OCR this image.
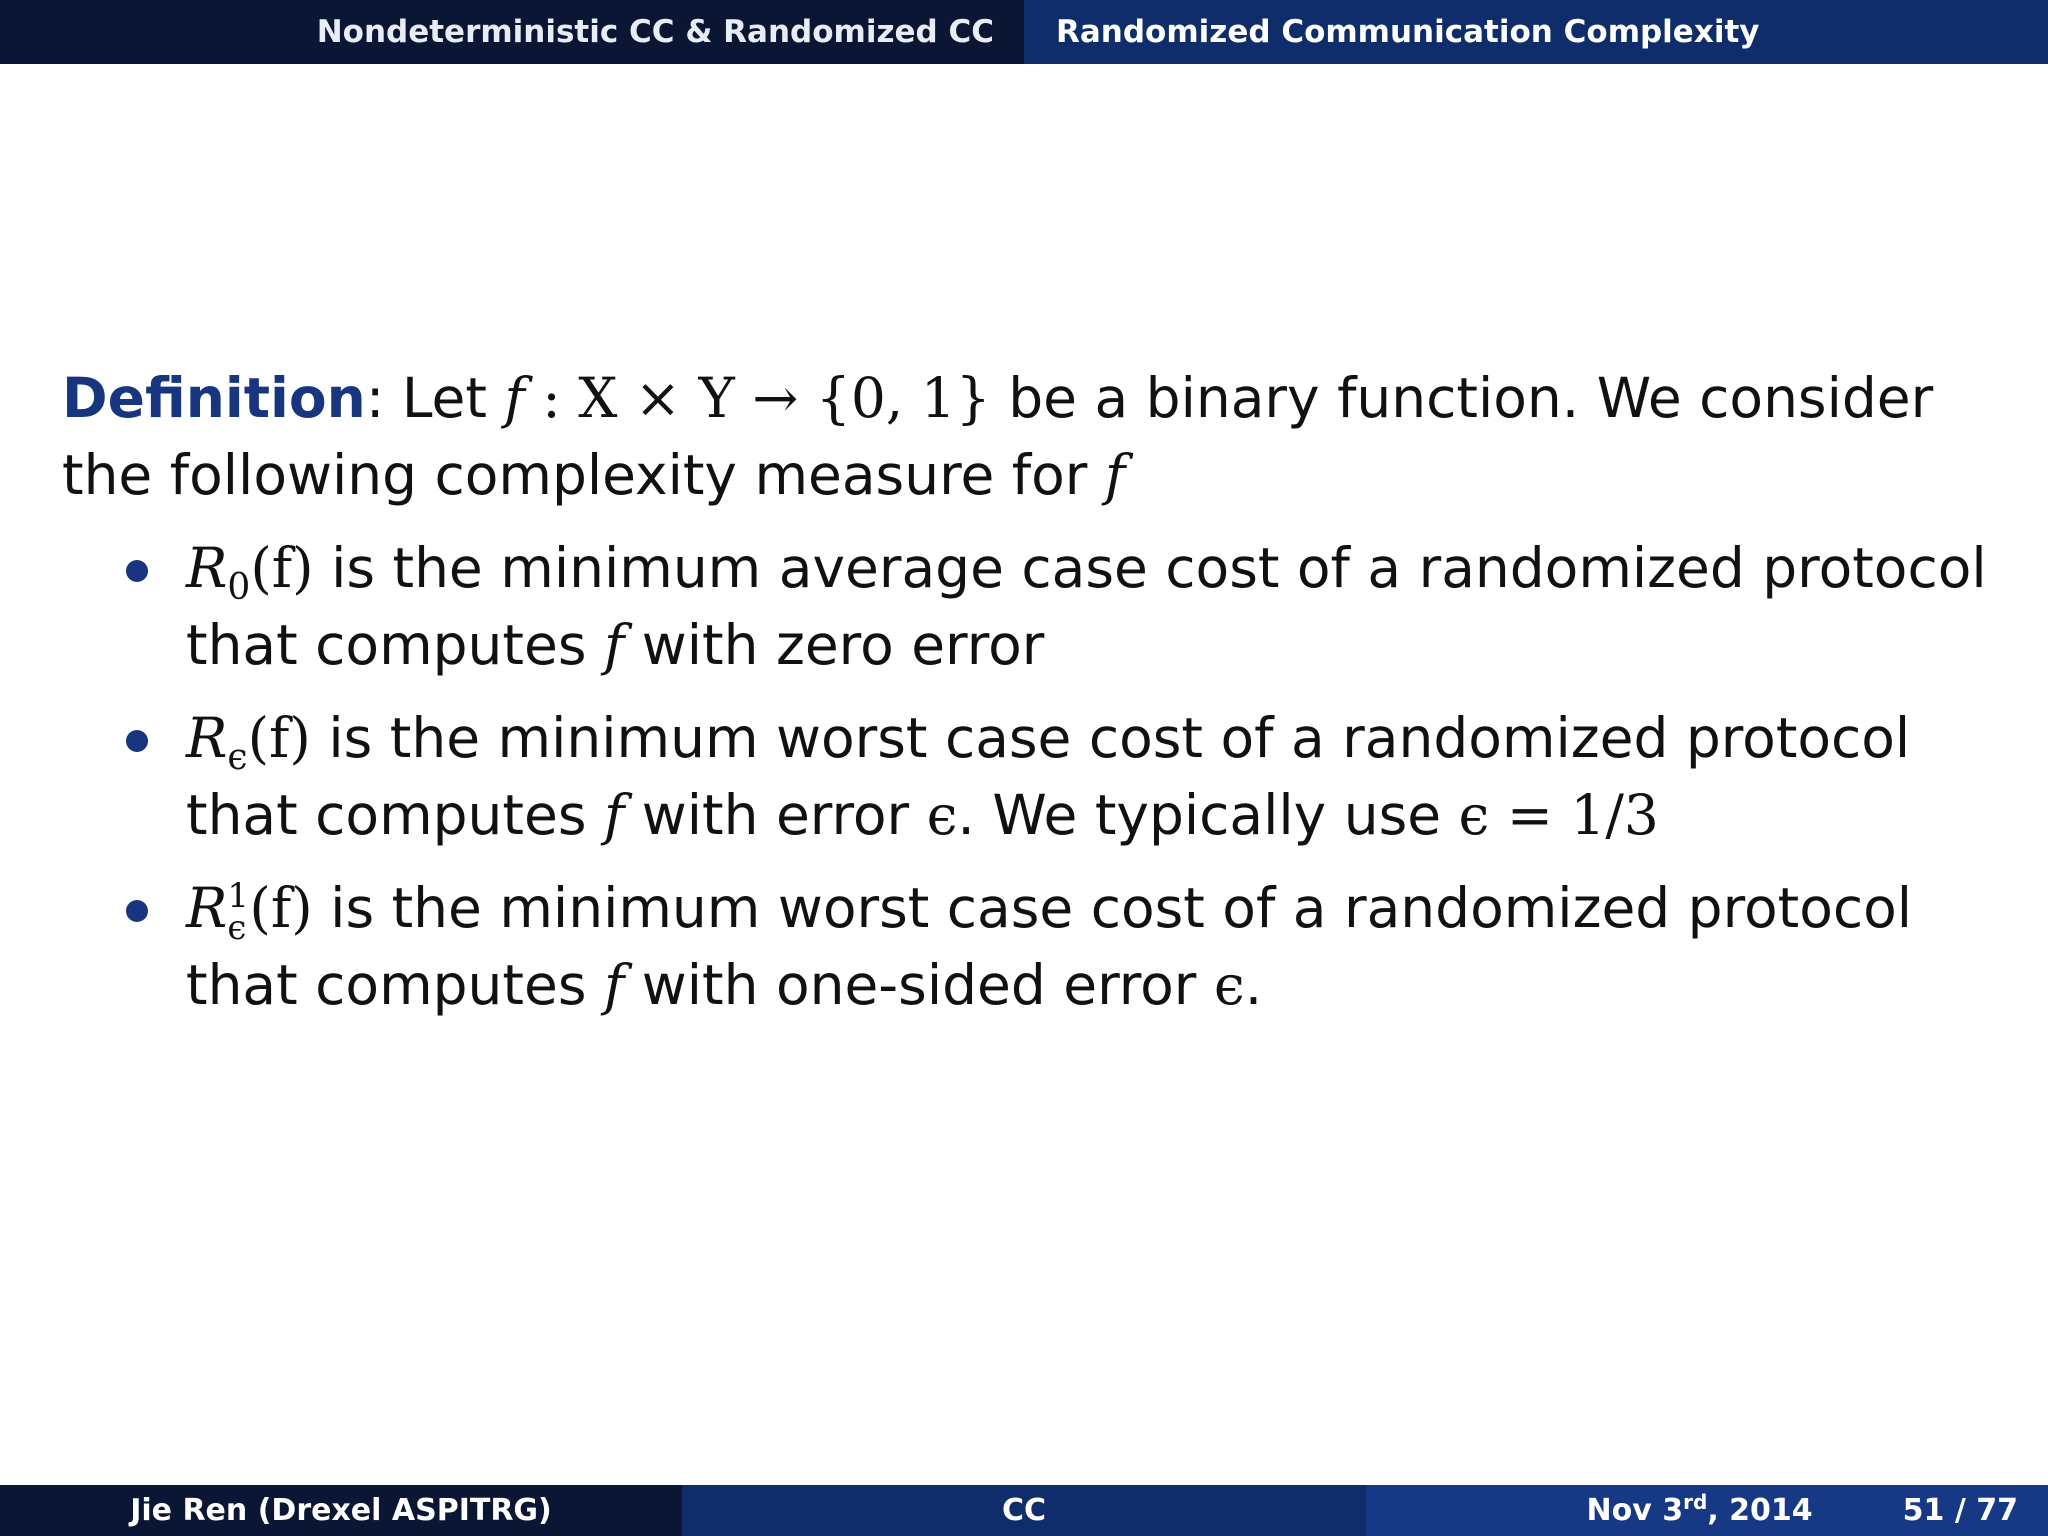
Nondeterministic CC & Randomized CC	Randomized Communication Complexity

Definition: Let f : X × Y → {0, 1} be a binary function. We consider the following complexity measure for f

$R_0(f)$ is the minimum average case cost of a randomized protocol that computes f with zero error
$R_\epsilon(f)$ is the minimum worst case cost of a randomized protocol that computes f with error ϵ. We typically use ϵ = 1/3
R 1
ϵ (f) is the minimum worst case cost of a randomized protocol that computes f with one-sided error ϵ.
Jie Ren (Drexel ASPITRG)	CC	Nov 3rd, 2014	51 / 77
